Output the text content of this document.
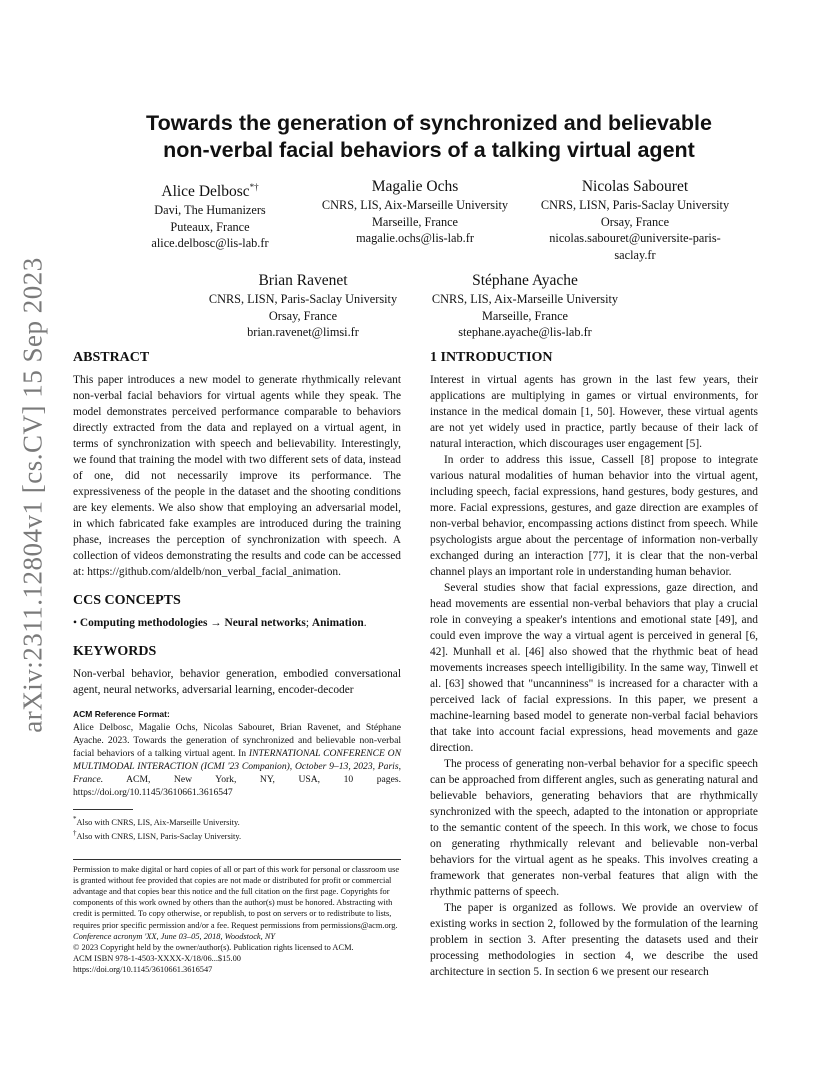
arXiv:2311.12804v1 [cs.CV] 15 Sep 2023
Towards the generation of synchronized and believable
non-verbal facial behaviors of a talking virtual agent
Alice Delbosc*†
Davi, The Humanizers
Puteaux, France
alice.delbosc@lis-lab.fr
Magalie Ochs
CNRS, LIS, Aix-Marseille University
Marseille, France
magalie.ochs@lis-lab.fr
Nicolas Sabouret
CNRS, LISN, Paris-Saclay University
Orsay, France
nicolas.sabouret@universite-paris-
saclay.fr
Brian Ravenet
CNRS, LISN, Paris-Saclay University
Orsay, France
brian.ravenet@limsi.fr
Stéphane Ayache
CNRS, LIS, Aix-Marseille University
Marseille, France
stephane.ayache@lis-lab.fr
ABSTRACT

This paper introduces a new model to generate rhythmically relevant non-verbal facial behaviors for virtual agents while they speak. The model demonstrates perceived performance comparable to behaviors directly extracted from the data and replayed on a virtual agent, in terms of synchronization with speech and believability. Interestingly, we found that training the model with two different sets of data, instead of one, did not necessarily improve its performance. The expressiveness of the people in the dataset and the shooting conditions are key elements. We also show that employing an adversarial model, in which fabricated fake examples are introduced during the training phase, increases the perception of synchronization with speech. A collection of videos demonstrating the results and code can be accessed at: https://github.com/aldelb/non_verbal_facial_animation.

CCS CONCEPTS
• Computing methodologies → Neural networks; Animation.
KEYWORDS

Non-verbal behavior, behavior generation, embodied conversational agent, neural networks, adversarial learning, encoder-decoder

ACM Reference Format:
Alice Delbosc, Magalie Ochs, Nicolas Sabouret, Brian Ravenet, and Stéphane Ayache. 2023. Towards the generation of synchronized and believable non-verbal facial behaviors of a talking virtual agent. In INTERNATIONAL CONFERENCE ON MULTIMODAL INTERACTION (ICMI '23 Companion), October 9–13, 2023, Paris, France. ACM, New York, NY, USA, 10 pages. https://doi.org/10.1145/3610661.3616547
*Also with CNRS, LIS, Aix-Marseille University.
†Also with CNRS, LISN, Paris-Saclay University.
Permission to make digital or hard copies of all or part of this work for personal or classroom use is granted without fee provided that copies are not made or distributed for profit or commercial advantage and that copies bear this notice and the full citation on the first page. Copyrights for components of this work owned by others than the author(s) must be honored. Abstracting with credit is permitted. To copy otherwise, or republish, to post on servers or to redistribute to lists, requires prior specific permission and/or a fee. Request permissions from permissions@acm.org.
Conference acronym 'XX, June 03–05, 2018, Woodstock, NY
© 2023 Copyright held by the owner/author(s). Publication rights licensed to ACM.
ACM ISBN 978-1-4503-XXXX-X/18/06...$15.00
https://doi.org/10.1145/3610661.3616547
1 INTRODUCTION

Interest in virtual agents has grown in the last few years, their applications are multiplying in games or virtual environments, for instance in the medical domain [1, 50]. However, these virtual agents are not yet widely used in practice, partly because of their lack of natural interaction, which discourages user engagement [5].

In order to address this issue, Cassell [8] propose to integrate various natural modalities of human behavior into the virtual agent, including speech, facial expressions, hand gestures, body gestures, and more. Facial expressions, gestures, and gaze direction are examples of non-verbal behavior, encompassing actions distinct from speech. While psychologists argue about the percentage of information non-verbally exchanged during an interaction [77], it is clear that the non-verbal channel plays an important role in understanding human behavior.

Several studies show that facial expressions, gaze direction, and head movements are essential non-verbal behaviors that play a crucial role in conveying a speaker's intentions and emotional state [49], and could even improve the way a virtual agent is perceived in general [6, 42]. Munhall et al. [46] also showed that the rhythmic beat of head movements increases speech intelligibility. In the same way, Tinwell et al. [63] showed that "uncanniness" is increased for a character with a perceived lack of facial expressions. In this paper, we present a machine-learning based model to generate non-verbal facial behaviors that take into account facial expressions, head movements and gaze direction.

The process of generating non-verbal behavior for a specific speech can be approached from different angles, such as generating natural and believable behaviors, generating behaviors that are rhythmically synchronized with the speech, adapted to the intonation or appropriate to the semantic content of the speech. In this work, we chose to focus on generating rhythmically relevant and believable non-verbal behaviors for the virtual agent as he speaks. This involves creating a framework that generates non-verbal features that align with the rhythmic patterns of speech.

The paper is organized as follows. We provide an overview of existing works in section 2, followed by the formulation of the learning problem in section 3. After presenting the datasets used and their processing methodologies in section 4, we describe the used architecture in section 5. In section 6 we present our research
